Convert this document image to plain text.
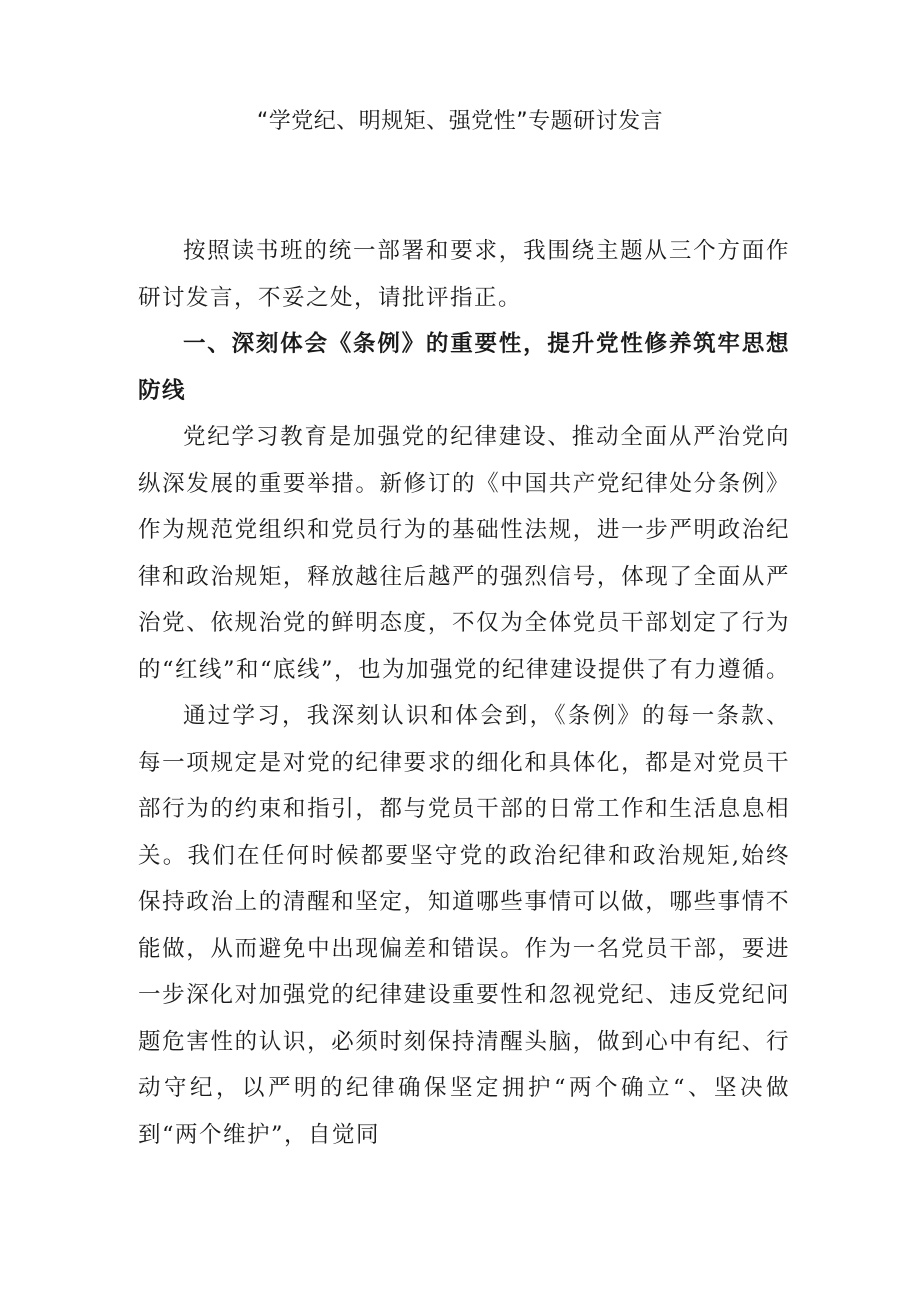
“学党纪、明规矩、强党性”专题研讨发言

按照读书班的统一部署和要求，我围绕主题从三个方面作研讨发言，不妥之处，请批评指正。

一、深刻体会《条例》的重要性，提升党性修养筑牢思想防线

党纪学习教育是加强党的纪律建设、推动全面从严治党向纵深发展的重要举措。新修订的《中国共产党纪律处分条例》作为规范党组织和党员行为的基础性法规，进一步严明政治纪律和政治规矩，释放越往后越严的强烈信号，体现了全面从严治党、依规治党的鲜明态度，不仅为全体党员干部划定了行为的“红线”和“底线”，也为加强党的纪律建设提供了有力遵循。

通过学习，我深刻认识和体会到，《条例》的每一条款、每一项规定是对党的纪律要求的细化和具体化，都是对党员干部行为的约束和指引，都与党员干部的日常工作和生活息息相关。我们在任何时候都要坚守党的政治纪律和政治规矩,始终保持政治上的清醒和坚定，知道哪些事情可以做，哪些事情不能做，从而避免中出现偏差和错误。作为一名党员干部，要进一步深化对加强党的纪律建设重要性和忽视党纪、违反党纪问题危害性的认识，必须时刻保持清醒头脑，做到心中有纪、行动守纪，以严明的纪律确保坚定拥护“两个确立“、坚决做到“两个维护”，自觉同
